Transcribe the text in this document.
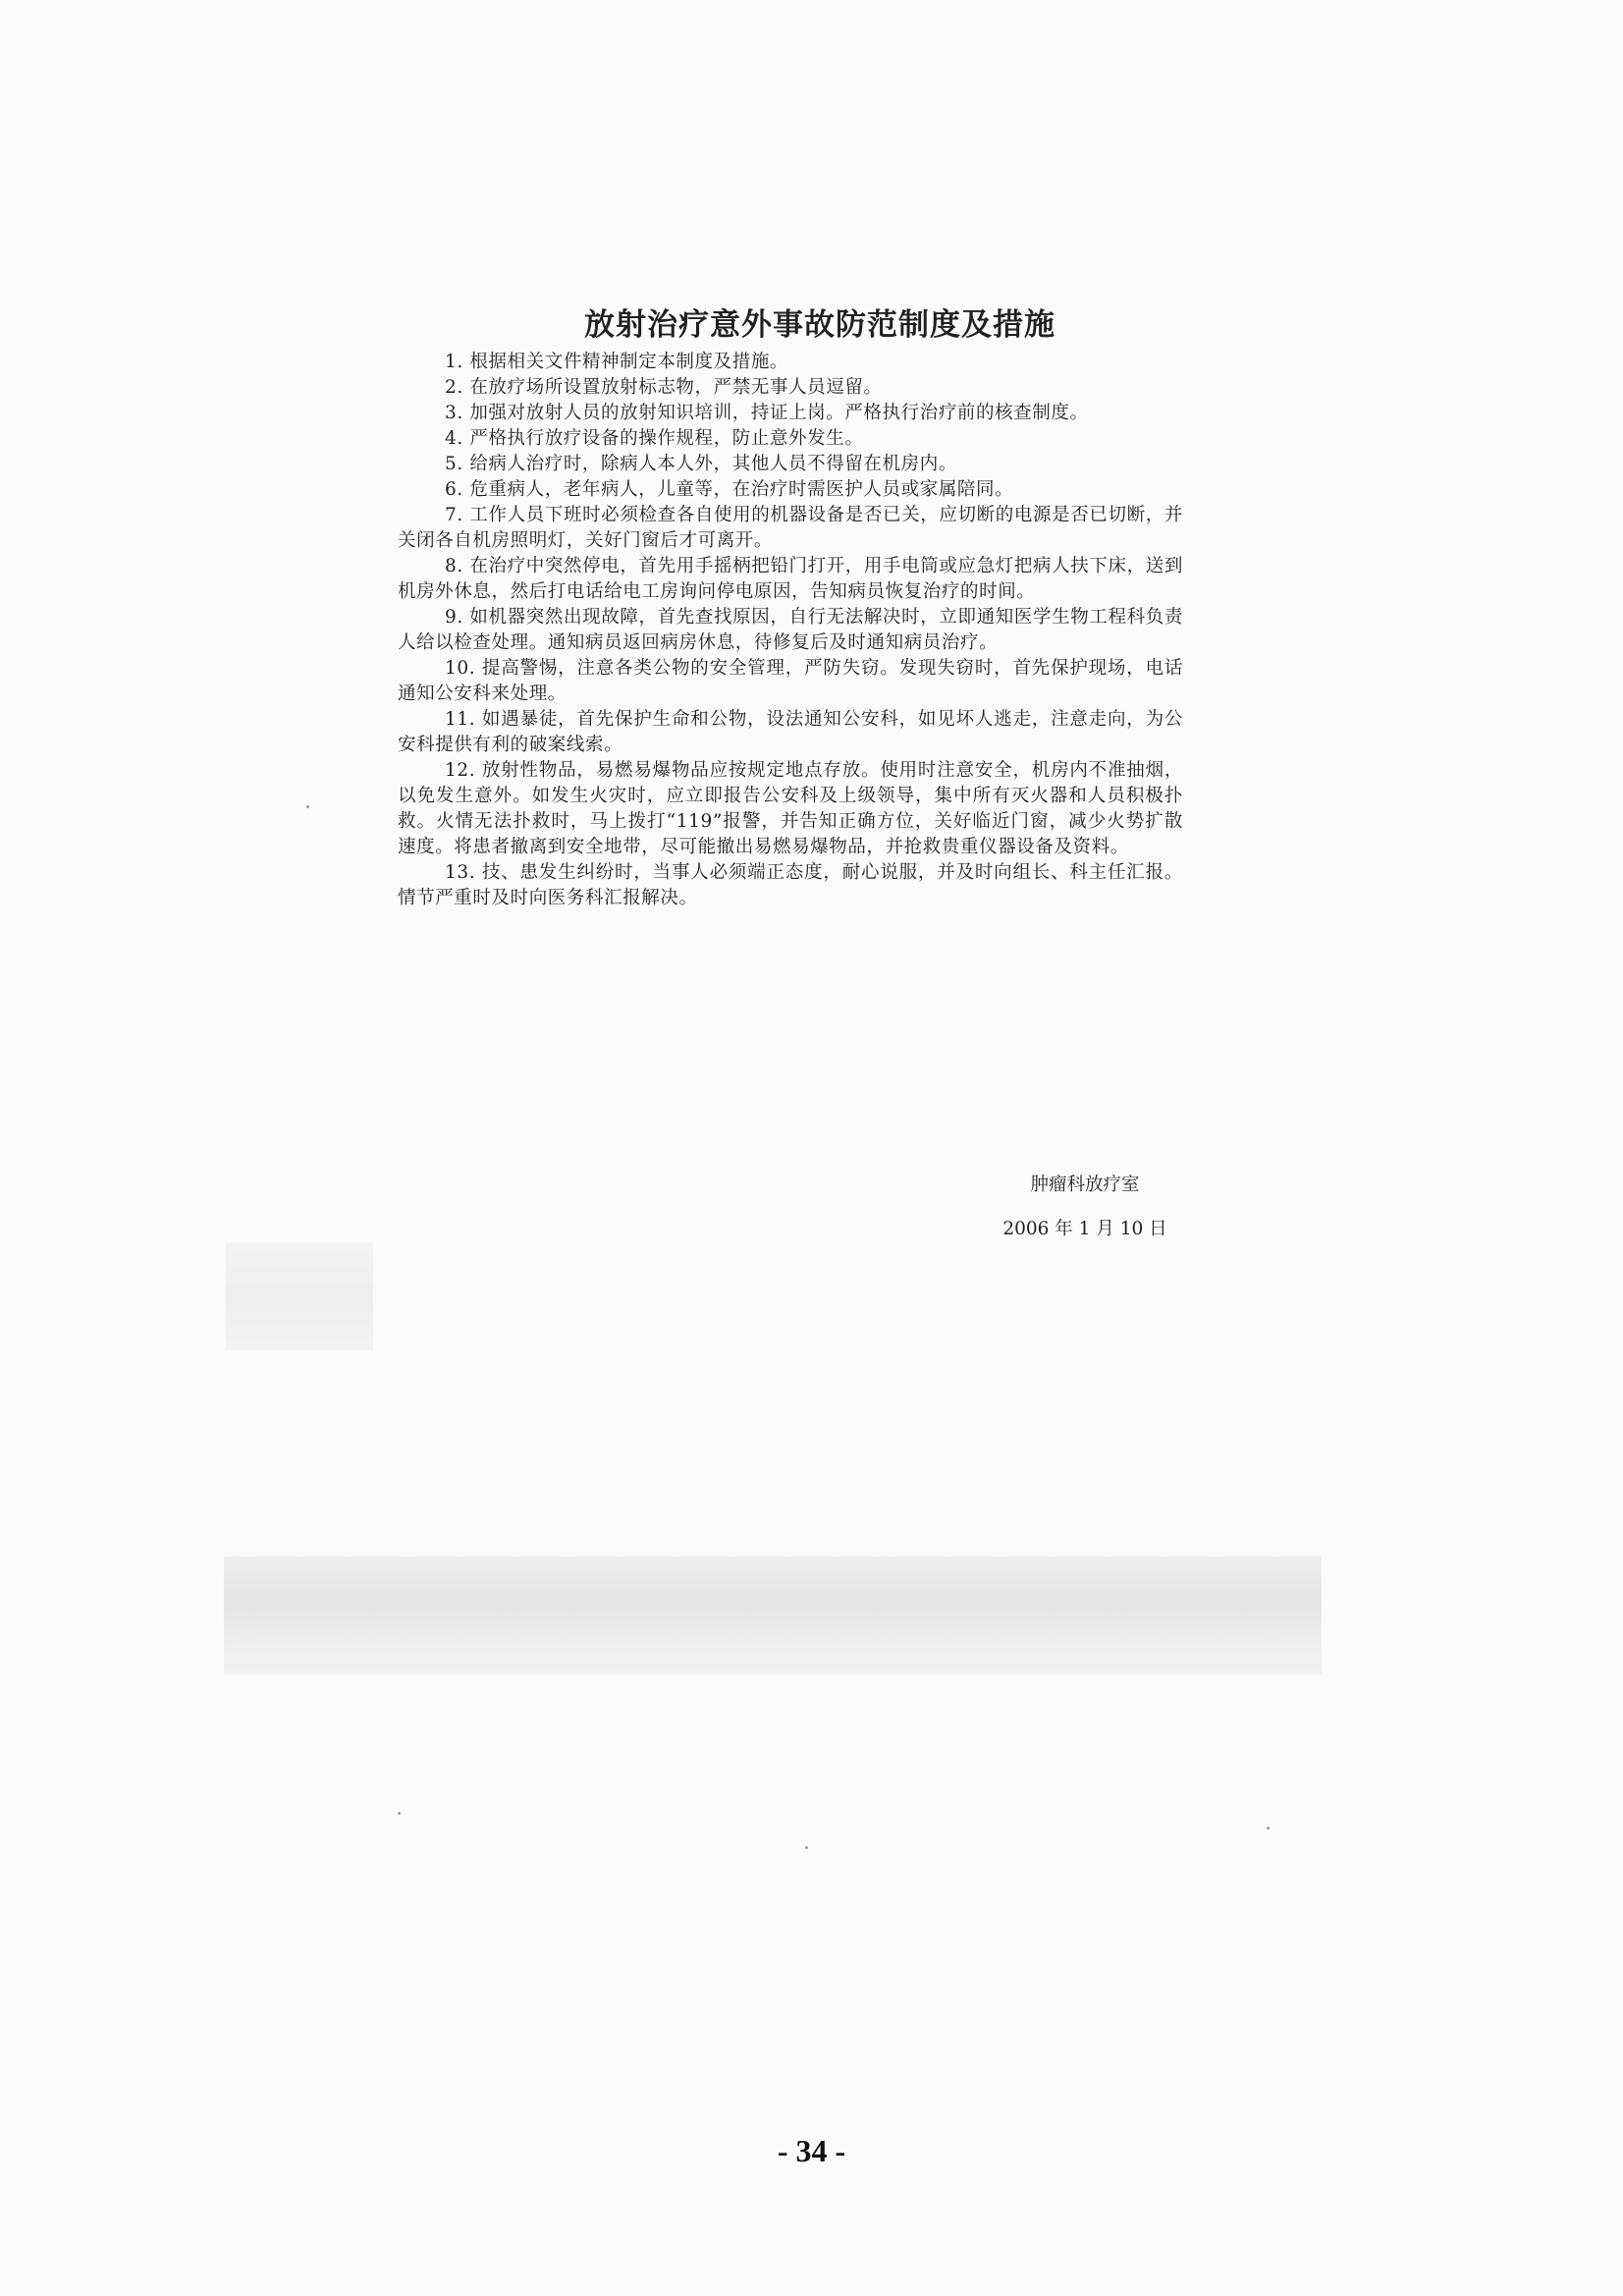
放射治疗意外事故防范制度及措施

1. 根据相关文件精神制定本制度及措施。

2. 在放疗场所设置放射标志物，严禁无事人员逗留。

3. 加强对放射人员的放射知识培训，持证上岗。严格执行治疗前的核查制度。

4. 严格执行放疗设备的操作规程，防止意外发生。

5. 给病人治疗时，除病人本人外，其他人员不得留在机房内。

6. 危重病人，老年病人，儿童等，在治疗时需医护人员或家属陪同。

7. 工作人员下班时必须检查各自使用的机器设备是否已关，应切断的电源是否已切断，并关闭各自机房照明灯，关好门窗后才可离开。

8. 在治疗中突然停电，首先用手摇柄把铅门打开，用手电筒或应急灯把病人扶下床，送到机房外休息，然后打电话给电工房询问停电原因，告知病员恢复治疗的时间。

9. 如机器突然出现故障，首先查找原因，自行无法解决时，立即通知医学生物工程科负责人给以检查处理。通知病员返回病房休息，待修复后及时通知病员治疗。

10. 提高警惕，注意各类公物的安全管理，严防失窃。发现失窃时，首先保护现场，电话通知公安科来处理。

11. 如遇暴徒，首先保护生命和公物，设法通知公安科，如见坏人逃走，注意走向，为公安科提供有利的破案线索。

12. 放射性物品，易燃易爆物品应按规定地点存放。使用时注意安全，机房内不准抽烟，以免发生意外。如发生火灾时，应立即报告公安科及上级领导，集中所有灭火器和人员积极扑救。火情无法扑救时，马上拨打“119”报警，并告知正确方位，关好临近门窗，减少火势扩散速度。将患者撤离到安全地带，尽可能撤出易燃易爆物品，并抢救贵重仪器设备及资料。

13. 技、患发生纠纷时，当事人必须端正态度，耐心说服，并及时向组长、科主任汇报。情节严重时及时向医务科汇报解决。

肿瘤科放疗室
2006 年 1 月 10 日
- 34 -
